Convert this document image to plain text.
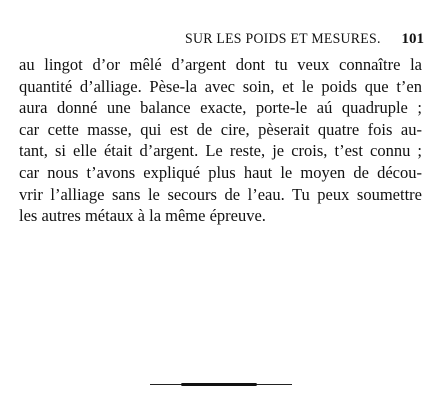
SUR LES POIDS ET MESURES. 101
au lingot d’or mêlé d’argent dont tu veux connaître la
quantité d’alliage. Pèse-la avec soin, et le poids que t’en
aura donné une balance exacte, porte-le aú quadruple ;
car cette masse, qui est de cire, pèserait quatre fois au-
tant, si elle était d’argent. Le reste, je crois, t’est connu ;
car nous t’avons expliqué plus haut le moyen de décou-
vrir l’alliage sans le secours de l’eau. Tu peux soumettre
les autres métaux à la même épreuve.
